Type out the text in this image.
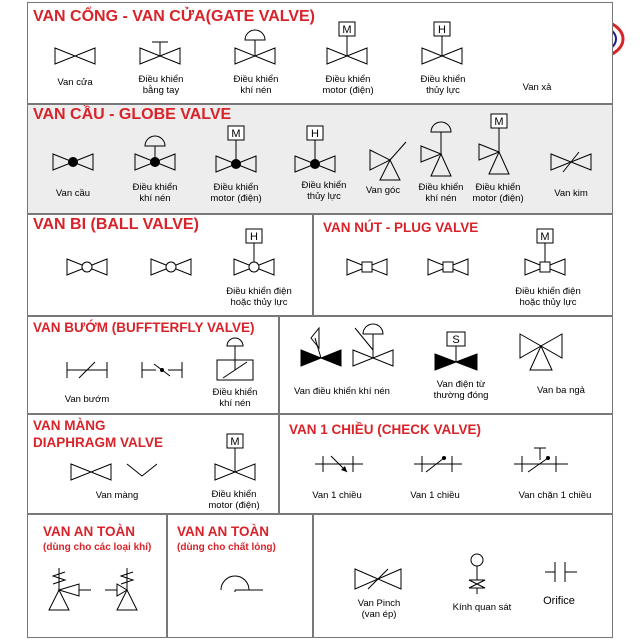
VAN CỔNG - VAN CỬA(GATE VALVE)
M	H
Van cửa	Điều khiển
bằng tay
Điều khiển
khí nén
Điều khiển
motor (điện)
Điều khiển
thủy lực	Van xả
VAN CẦU - GLOBE VALVE
M	H
M
Van cầu
Điều khiển
khí nén
Điều khiển
motor (điện)
Điều khiển
thủy lực
Van góc	Điều khiển
khí nén
Điều khiển
motor (điện)	Van kim
VAN BI (BALL VALVE)
H
Điều khiển điện
hoặc thủy lực
VAN NÚT - PLUG VALVE
M
Điều khiển điện
hoặc thủy lực
VAN BƯỚM (BUFFTERFLY VALVE)
Van bướm
Điều khiển
khí nén
S
Van điều khiển khí nén
Van điện từ
thường đóng	Van ba ngả
VAN MÀNG
DIAPHRAGM VALVE	M
Van màng	Điều khiển
motor (điện)
VAN 1 CHIỀU (CHECK VALVE)
Van 1 chiều	Van 1 chiều	Van chặn 1 chiều
VAN AN TOÀN
(dùng cho các loại khí)
VAN AN TOÀN
(dùng cho chất lỏng)
Van Pinch
(van ép)
Kính quan sát
Orifice
